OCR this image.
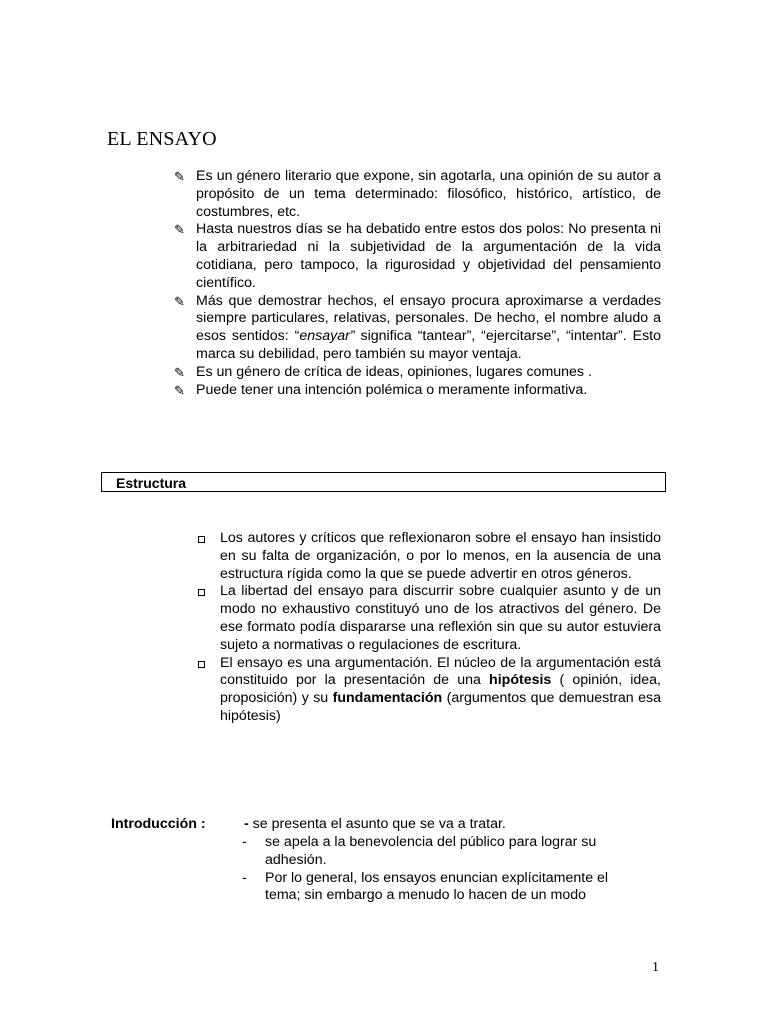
EL ENSAYO
✎ Es un género literario que expone, sin agotarla, una opinión de su autor a propósito de un tema determinado: filosófico, histórico, artístico, de costumbres, etc.
✎ Hasta nuestros días se ha debatido entre estos dos polos: No presenta ni la arbitrariedad ni la subjetividad de la argumentación de la vida cotidiana, pero tampoco, la rigurosidad y objetividad del pensamiento científico.
✎ Más que demostrar hechos, el ensayo procura aproximarse a verdades siempre particulares, relativas, personales. De hecho, el nombre aludo a esos sentidos: “ensayar” significa “tantear”, “ejercitarse”, “intentar”. Esto marca su debilidad, pero también su mayor ventaja.
✎ Es un género de crítica de ideas, opiniones, lugares comunes .
✎ Puede tener una intención polémica o meramente informativa.
Estructura
Los autores y críticos que reflexionaron sobre el ensayo han insistido en su falta de organización, o por lo menos, en la ausencia de una estructura rígida como la que se puede advertir en otros géneros.
La libertad del ensayo para discurrir sobre cualquier asunto y de un modo no exhaustivo constituyó uno de los atractivos del género. De ese formato podía dispararse una reflexión sin que su autor estuviera sujeto a normativas o regulaciones de escritura.
El ensayo es una argumentación. El núcleo de la argumentación está constituido por la presentación de una hipótesis ( opinión, idea, proposición) y su fundamentación (argumentos que demuestran esa hipótesis)
Introducción :	- se presenta el asunto que se va a tratar.
- se apela a la benevolencia del público para lograr su adhesión.
- Por lo general, los ensayos enuncian explícitamente el tema; sin embargo a menudo lo hacen de un modo
1
